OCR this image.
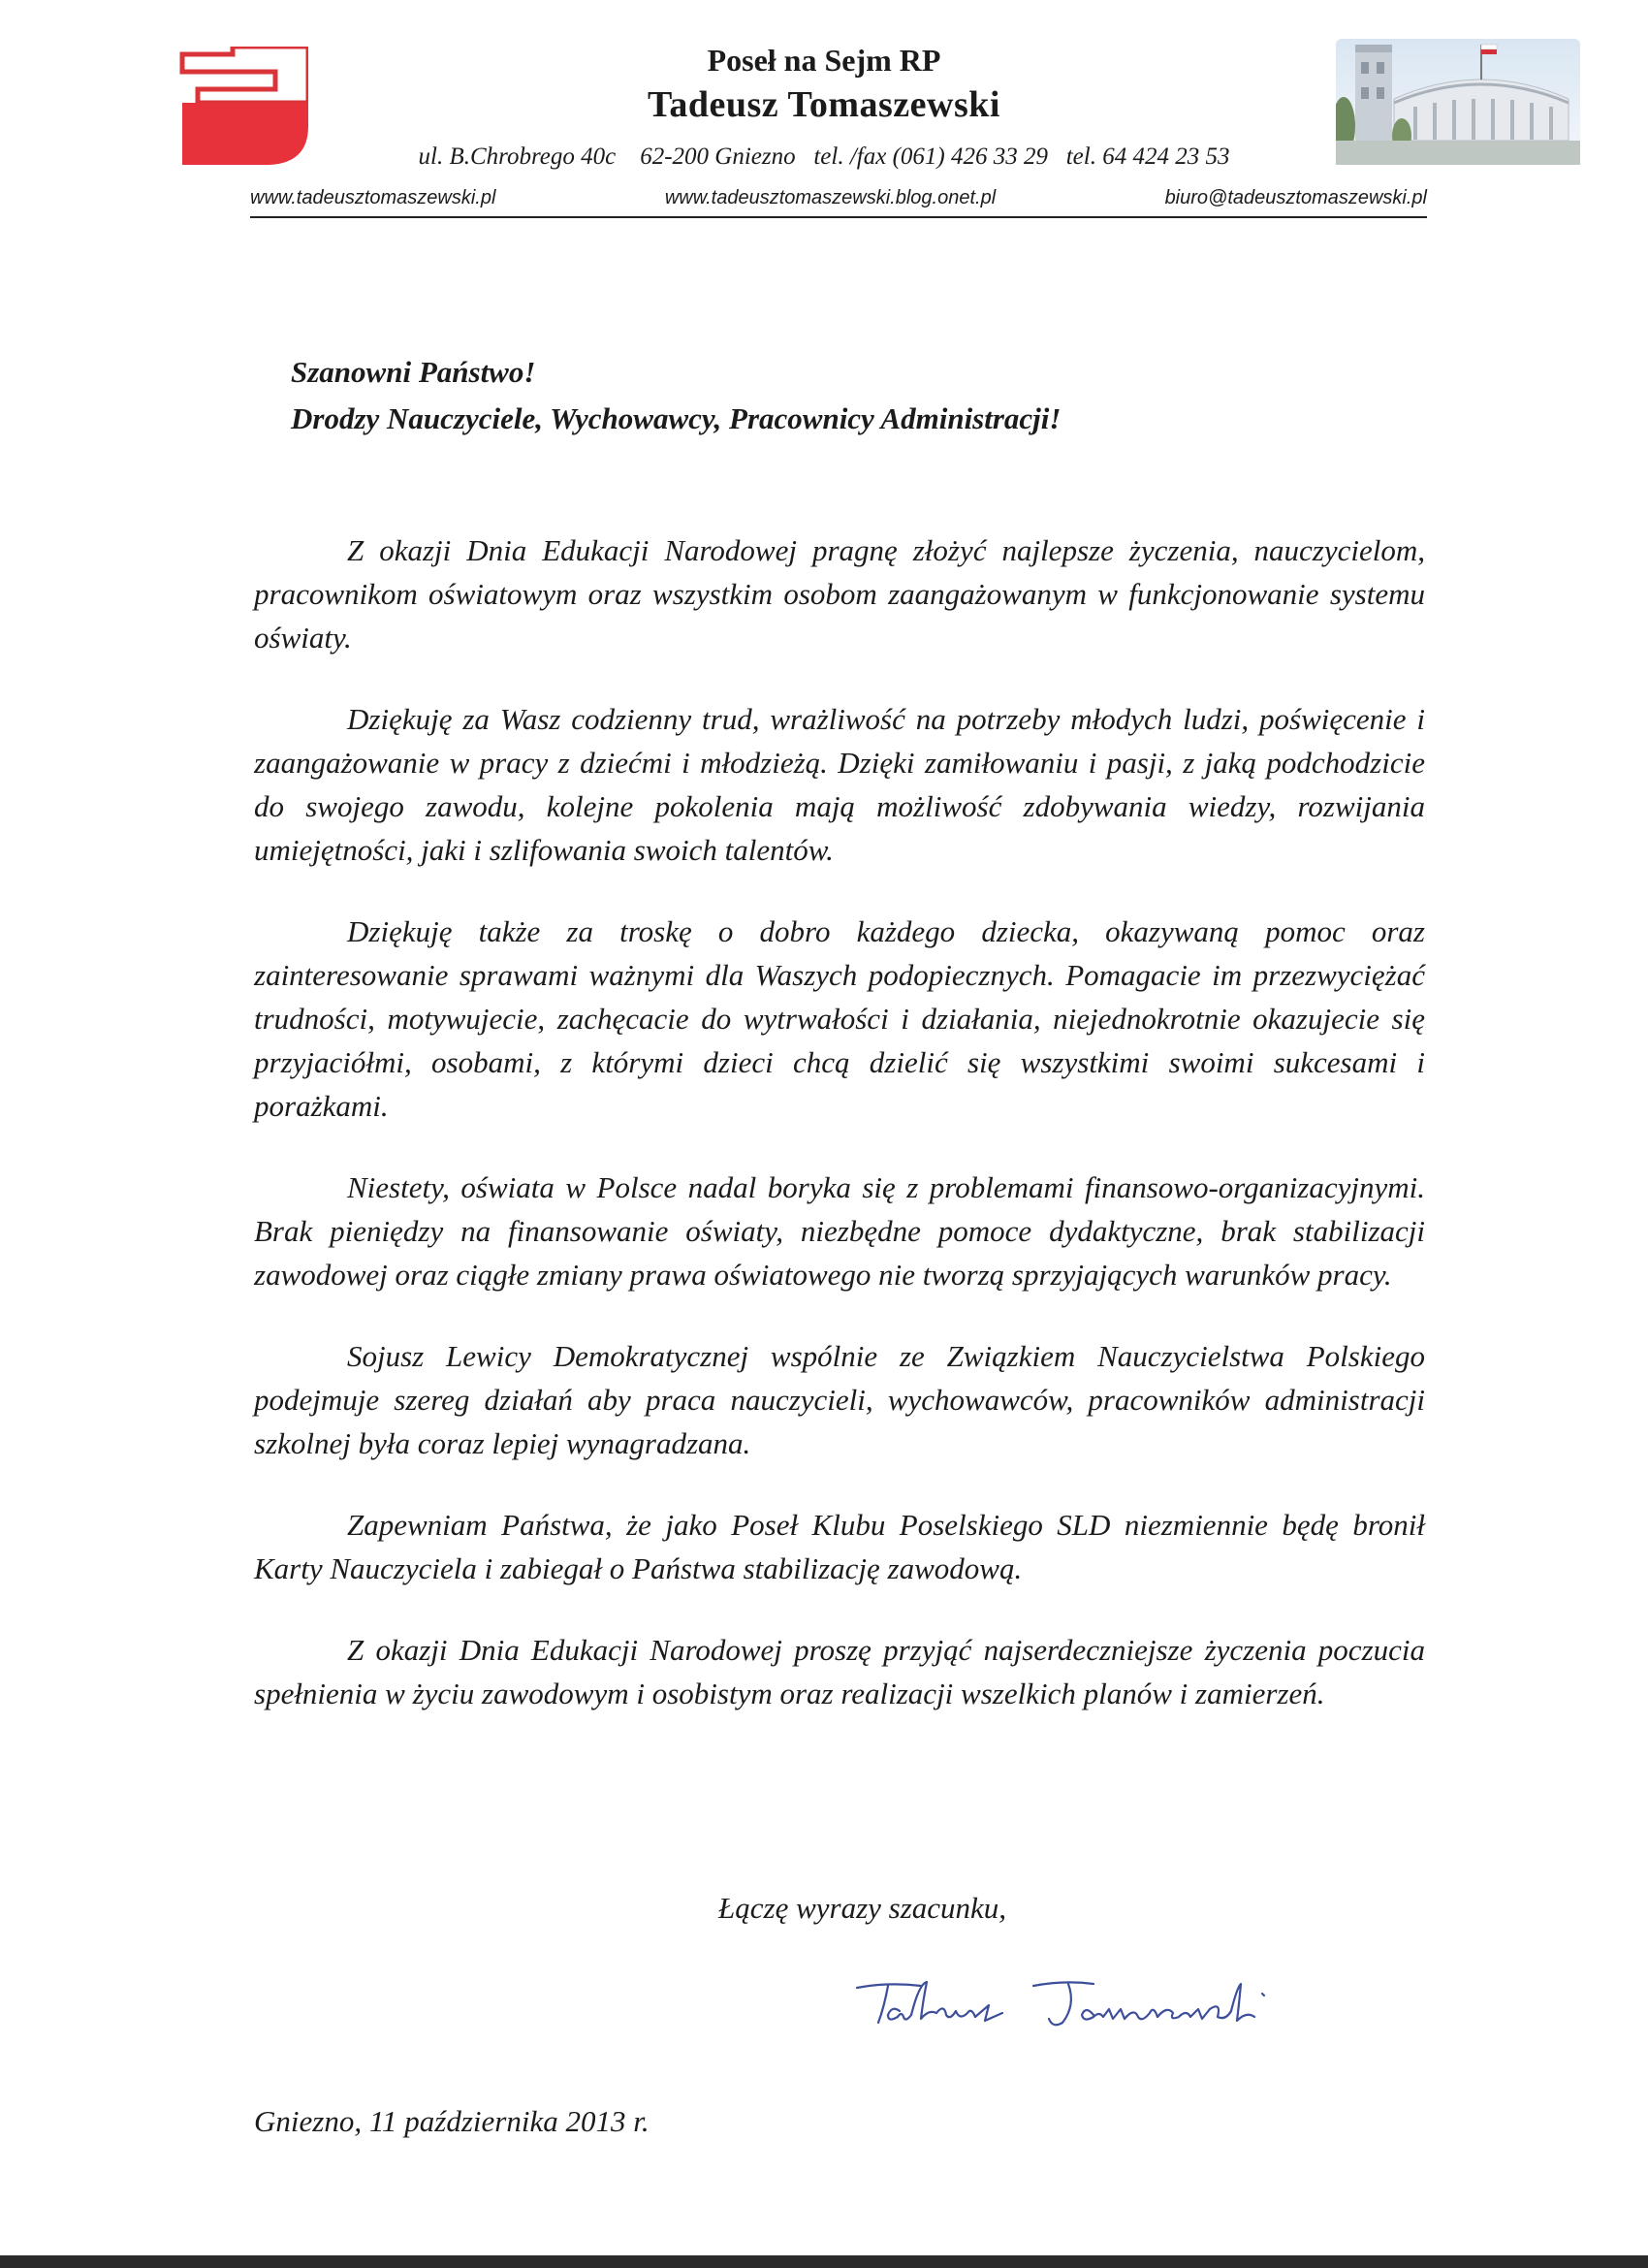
Poseł na Sejm RP
Tadeusz Tomaszewski
ul. B.Chrobrego 40c    62-200 Gniezno   tel. /fax (061) 426 33 29   tel. 64 424 23 53
www.tadeusztomaszewski.pl	www.tadeusztomaszewski.blog.onet.pl	biuro@tadeusztomaszewski.pl
Szanowni Państwo!
Drodzy Nauczyciele, Wychowawcy, Pracownicy Administracji!

Z okazji Dnia Edukacji Narodowej pragnę złożyć najlepsze życzenia, nauczycielom, pracownikom oświatowym oraz wszystkim osobom zaangażowanym w funkcjonowanie systemu oświaty.

Dziękuję za Wasz codzienny trud, wrażliwość na potrzeby młodych ludzi, poświęcenie i zaangażowanie w pracy z dziećmi i młodzieżą. Dzięki zamiłowaniu i pasji, z jaką podchodzicie do swojego zawodu, kolejne pokolenia mają możliwość zdobywania wiedzy, rozwijania umiejętności, jaki i szlifowania swoich talentów.

Dziękuję także za troskę o dobro każdego dziecka, okazywaną pomoc oraz zainteresowanie sprawami ważnymi dla Waszych podopiecznych. Pomagacie im przezwyciężać trudności, motywujecie, zachęcacie do wytrwałości i działania, niejednokrotnie okazujecie się przyjaciółmi, osobami, z którymi dzieci chcą dzielić się wszystkimi swoimi sukcesami i porażkami.

Niestety, oświata w Polsce nadal boryka się z problemami finansowo-organizacyjnymi. Brak pieniędzy na finansowanie oświaty, niezbędne pomoce dydaktyczne, brak stabilizacji zawodowej oraz ciągłe zmiany prawa oświatowego nie tworzą sprzyjających warunków pracy.

Sojusz Lewicy Demokratycznej wspólnie ze Związkiem Nauczycielstwa Polskiego podejmuje szereg działań aby praca nauczycieli, wychowawców, pracowników administracji szkolnej była coraz lepiej wynagradzana.

Zapewniam Państwa, że jako Poseł Klubu Poselskiego SLD niezmiennie będę bronił Karty Nauczyciela i zabiegał o Państwa stabilizację zawodową.

Z okazji Dnia Edukacji Narodowej proszę przyjąć najserdeczniejsze życzenia poczucia spełnienia w życiu zawodowym i osobistym oraz realizacji wszelkich planów i zamierzeń.

Łączę wyrazy szacunku,
Gniezno, 11 października 2013 r.
